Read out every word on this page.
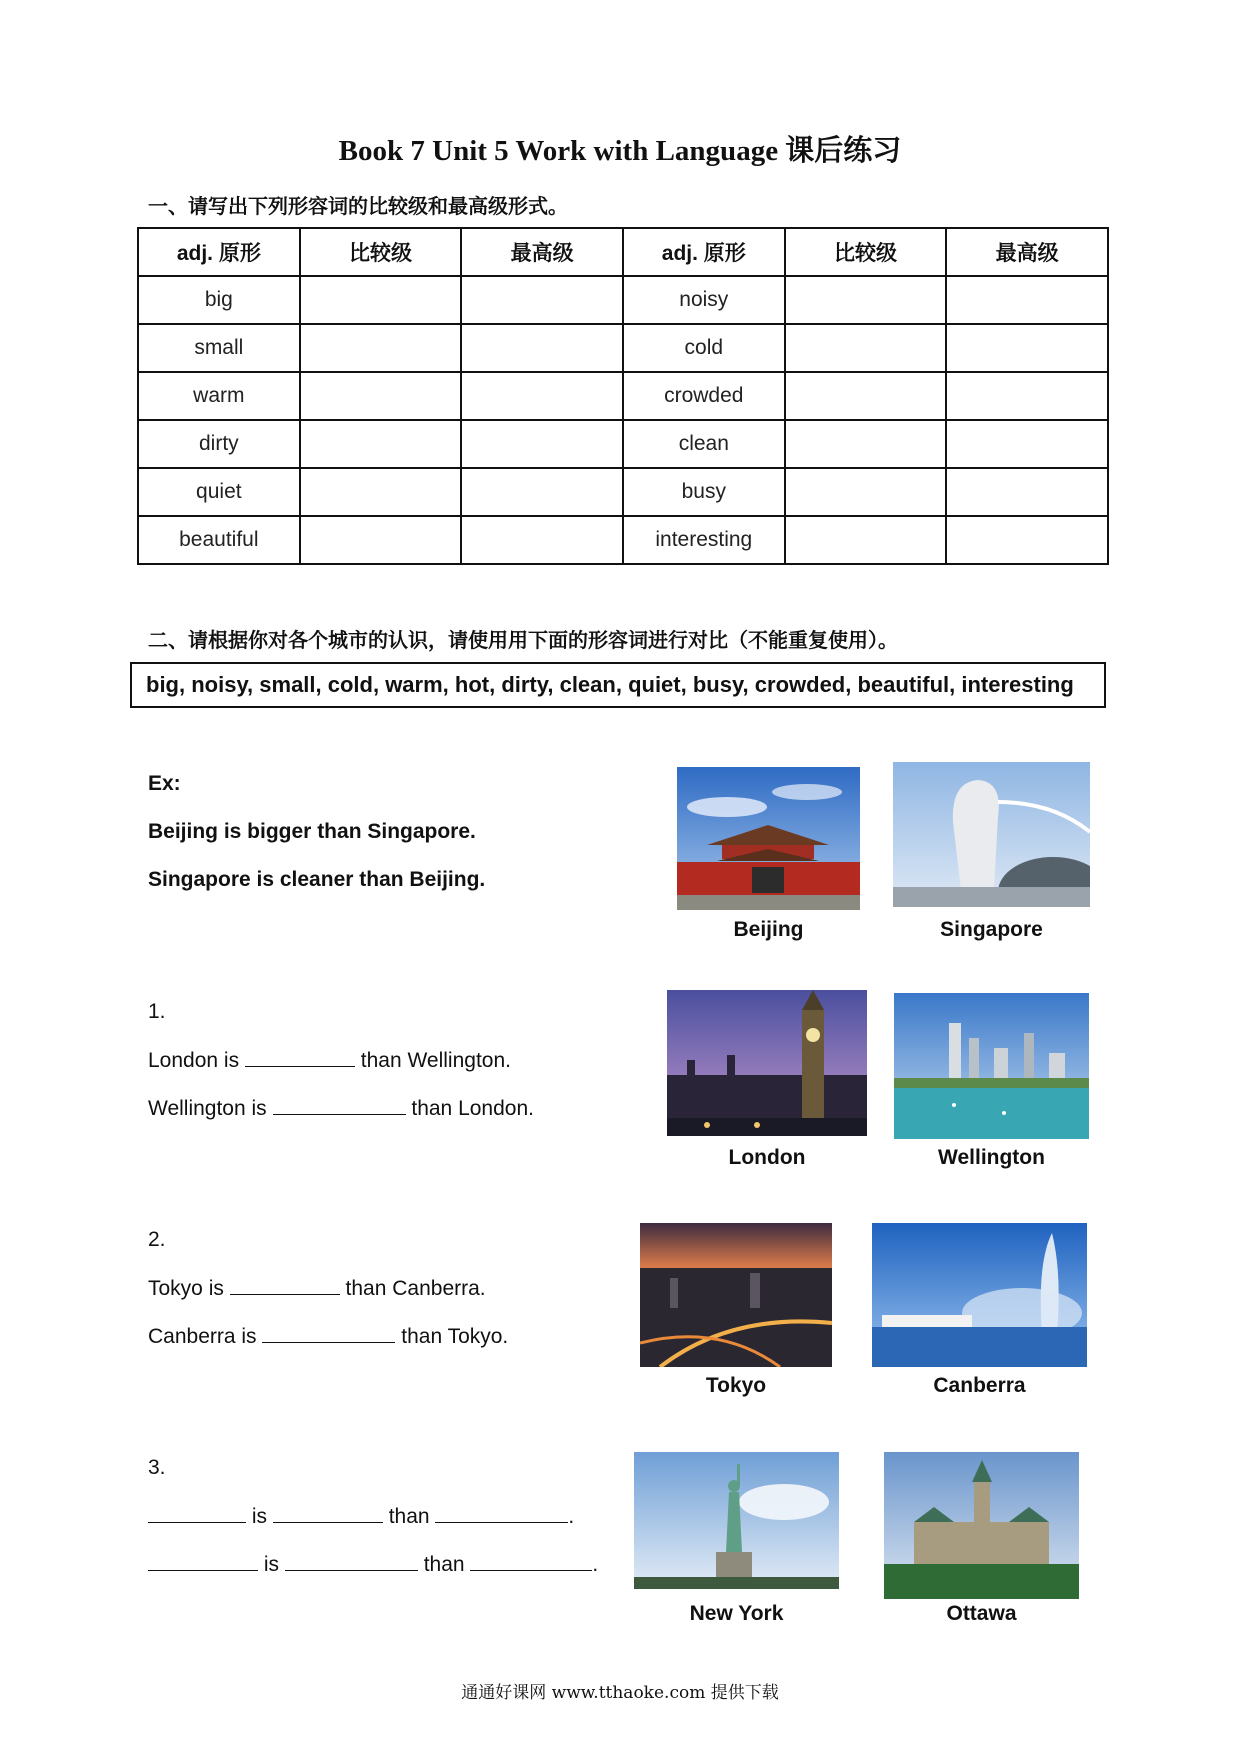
Book 7 Unit 5 Work with Language 课后练习
一、请写出下列形容词的比较级和最高级形式。
adj. 原形	比较级	最高级	adj. 原形	比较级	最高级
big			noisy		
small			cold		
warm			crowded		
dirty			clean		
quiet			busy		
beautiful			interesting		
二、请根据你对各个城市的认识，请使用用下面的形容词进行对比（不能重复使用）。
big, noisy, small, cold, warm, hot, dirty, clean, quiet, busy, crowded, beautiful, interesting
Ex:
Beijing is bigger than Singapore.
Singapore is cleaner than Beijing.
Beijing	Singapore
1.
London is	than Wellington.
Wellington is	than London.
London	Wellington
2.
Tokyo is	than Canberra.
Canberra is	than Tokyo.
Tokyo	Canberra
3.
is	than	.
is	than	.
New York	Ottawa
通通好课网 www.tthaoke.com 提供下载
